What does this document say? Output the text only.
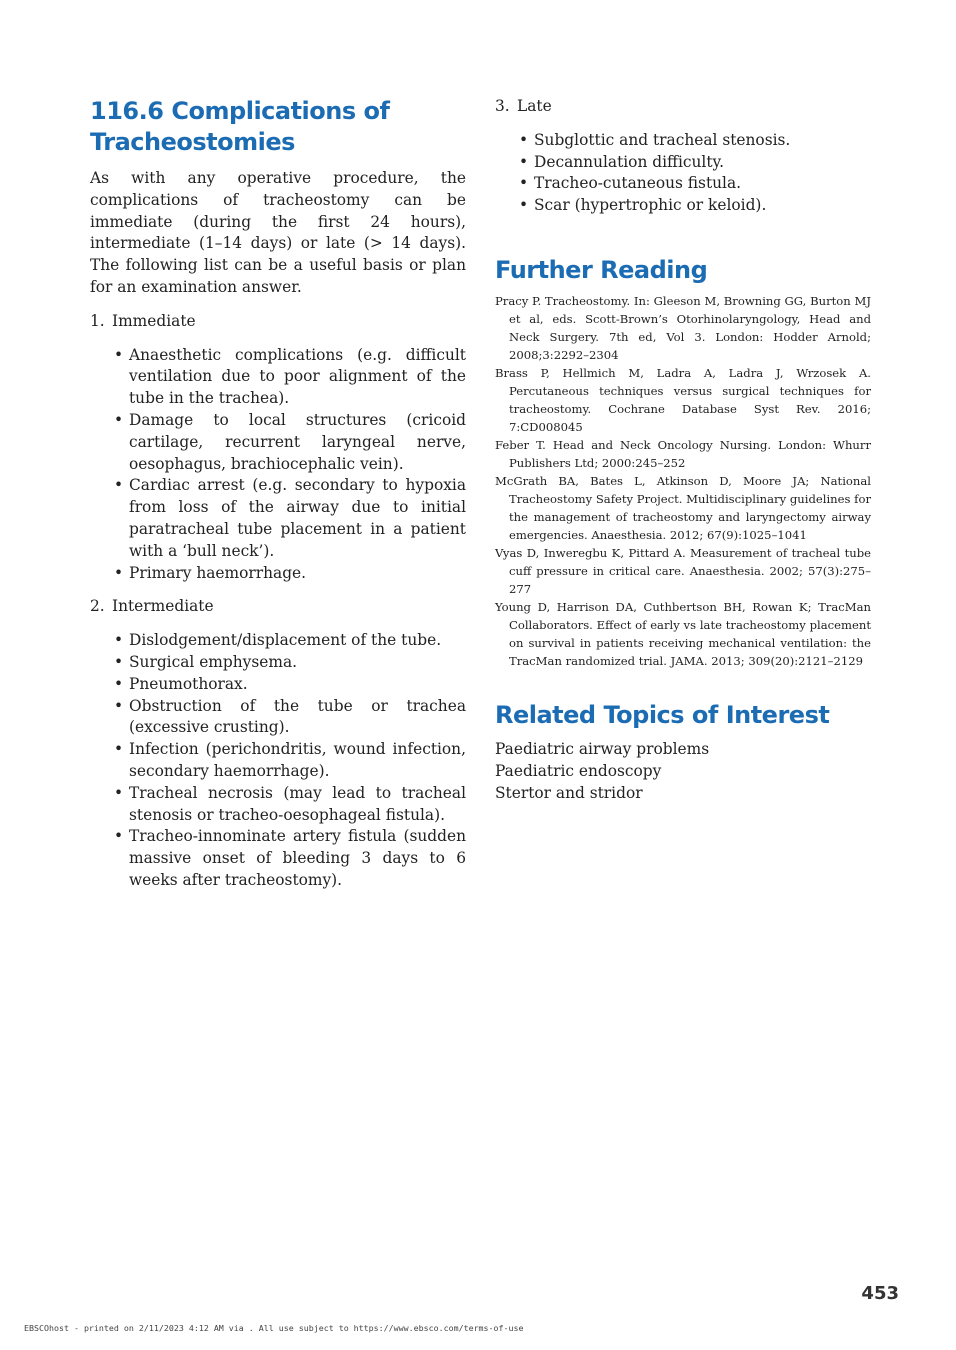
116.6 Complications of Tracheostomies

As with any operative procedure, the complications of tracheostomy can be immediate (during the first 24 hours), intermediate (1–14 days) or late (> 14 days). The following list can be a useful basis or plan for an examination answer.

1. Immediate

• Anaesthetic complications (e.g. difficult ventilation due to poor alignment of the tube in the trachea).
• Damage to local structures (cricoid cartilage, recurrent laryngeal nerve, oesophagus, brachiocephalic vein).
• Cardiac arrest (e.g. secondary to hypoxia from loss of the airway due to initial paratracheal tube placement in a patient with a ‘bull neck’).
• Primary haemorrhage.

2. Intermediate

• Dislodgement/displacement of the tube.
• Surgical emphysema.
• Pneumothorax.
• Obstruction of the tube or trachea (excessive crusting).
• Infection (perichondritis, wound infection, secondary haemorrhage).
• Tracheal necrosis (may lead to tracheal stenosis or tracheo-oesophageal fistula).
• Tracheo-innominate artery fistula (sudden massive onset of bleeding 3 days to 6 weeks after tracheostomy).

3. Late

• Subglottic and tracheal stenosis.
• Decannulation difficulty.
• Tracheo-cutaneous fistula.
• Scar (hypertrophic or keloid).
Further Reading

Pracy P. Tracheostomy. In: Gleeson M, Browning GG, Burton MJ et al, eds. Scott-Brown’s Otorhinolaryngology, Head and Neck Surgery. 7th ed, Vol 3. London: Hodder Arnold; 2008;3:2292–2304

Brass P, Hellmich M, Ladra A, Ladra J, Wrzosek A. Percutaneous techniques versus surgical techniques for tracheostomy. Cochrane Database Syst Rev. 2016; 7:CD008045

Feber T. Head and Neck Oncology Nursing. London: Whurr Publishers Ltd; 2000:245–252

McGrath BA, Bates L, Atkinson D, Moore JA; National Tracheostomy Safety Project. Multidisciplinary guidelines for the management of tracheostomy and laryngectomy airway emergencies. Anaesthesia. 2012; 67(9):1025–1041

Vyas D, Inweregbu K, Pittard A. Measurement of tracheal tube cuff pressure in critical care. Anaesthesia. 2002; 57(3):275–277

Young D, Harrison DA, Cuthbertson BH, Rowan K; TracMan Collaborators. Effect of early vs late tracheostomy placement on survival in patients receiving mechanical ventilation: the TracMan randomized trial. JAMA. 2013; 309(20):2121–2129

Related Topics of Interest

Paediatric airway problems

Paediatric endoscopy

Stertor and stridor

453
EBSCOhost - printed on 2/11/2023 4:12 AM via . All use subject to https://www.ebsco.com/terms-of-use
